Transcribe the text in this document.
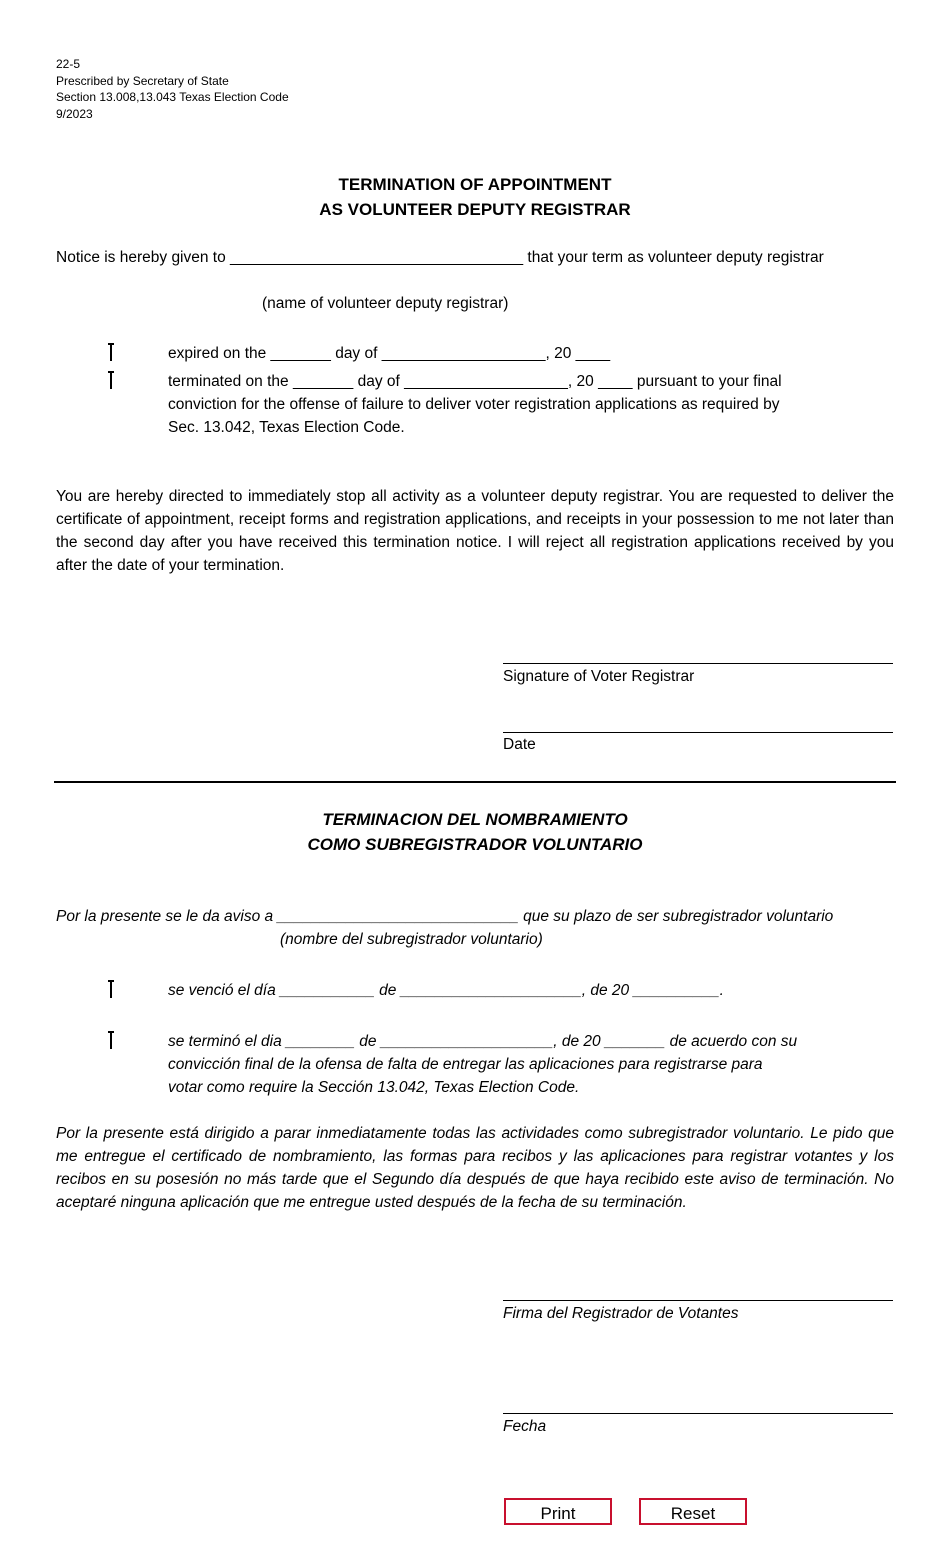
22-5
Prescribed by Secretary of State
Section 13.008,13.043 Texas Election Code
9/2023
TERMINATION OF APPOINTMENT
AS VOLUNTEER DEPUTY REGISTRAR
Notice is hereby given to __________________________________ that your term as volunteer deputy registrar
(name of volunteer deputy registrar)
expired on the _______ day of ___________________, 20 ____
terminated on the _______ day of ___________________, 20 ____ pursuant to your final
conviction for the offense of failure to deliver voter registration applications as required by
Sec. 13.042, Texas Election Code.
You are hereby directed to immediately stop all activity as a volunteer deputy registrar. You are requested to deliver the certificate of appointment, receipt forms and registration applications, and receipts in your possession to me not later than the second day after you have received this termination notice. I will reject all registration applications received by you after the date of your termination.
Signature of Voter Registrar
Date
TERMINACION DEL NOMBRAMIENTO
COMO SUBREGISTRADOR VOLUNTARIO
Por la presente se le da aviso a ____________________________ que su plazo de ser subregistrador voluntario
(nombre del subregistrador voluntario)
se venció el día ___________ de _____________________, de 20 __________.
se terminó el dia ________ de ____________________, de 20 _______ de acuerdo con su
convicción final de la ofensa de falta de entregar las aplicaciones para registrarse para
votar como require la Sección 13.042, Texas Election Code.
Por la presente está dirigido a parar inmediatamente todas las actividades como subregistrador voluntario. Le pido que me entregue el certificado de nombramiento, las formas para recibos y las aplicaciones para registrar votantes y los recibos en su posesión no más tarde que el Segundo día después de que haya recibido este aviso de terminación. No aceptaré ninguna aplicación que me entregue usted después de la fecha de su terminación.
Firma del Registrador de Votantes
Fecha
Print	Reset
